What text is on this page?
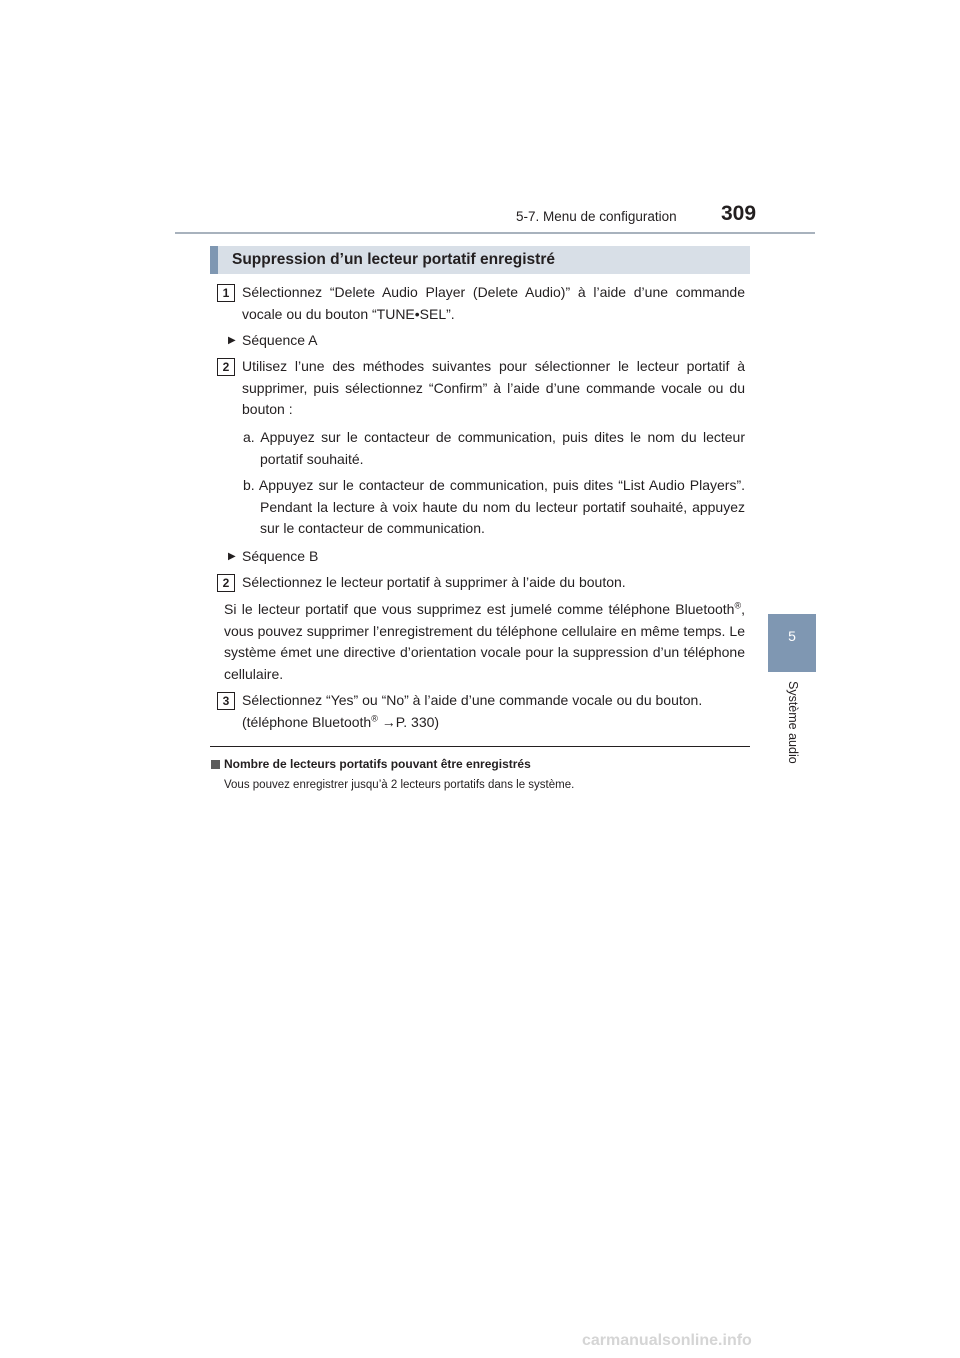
5-7. Menu de configuration 309
5
Système audio
Suppression d’un lecteur portatif enregistré
1 Sélectionnez “Delete Audio Player (Delete Audio)” à l’aide d’une commande vocale ou du bouton “TUNE•SEL”.
▶ Séquence A
2 Utilisez l’une des méthodes suivantes pour sélectionner le lecteur portatif à supprimer, puis sélectionnez “Confirm” à l’aide d’une commande vocale ou du bouton :
a. Appuyez sur le contacteur de communication, puis dites le nom du lecteur portatif souhaité.
b. Appuyez sur le contacteur de communication, puis dites “List Audio Players”. Pendant la lecture à voix haute du nom du lecteur portatif souhaité, appuyez sur le contacteur de communication.
▶ Séquence B
2 Sélectionnez le lecteur portatif à supprimer à l’aide du bouton.
Si le lecteur portatif que vous supprimez est jumelé comme téléphone Bluetooth®, vous pouvez supprimer l’enregistrement du téléphone cellulaire en même temps. Le système émet une directive d’orientation vocale pour la suppression d’un téléphone cellulaire.
3 Sélectionnez “Yes” ou “No” à l’aide d’une commande vocale ou du bouton.
(téléphone Bluetooth® →P. 330)
Nombre de lecteurs portatifs pouvant être enregistrés
Vous pouvez enregistrer jusqu’à 2 lecteurs portatifs dans le système.
carmanualsonline.info
